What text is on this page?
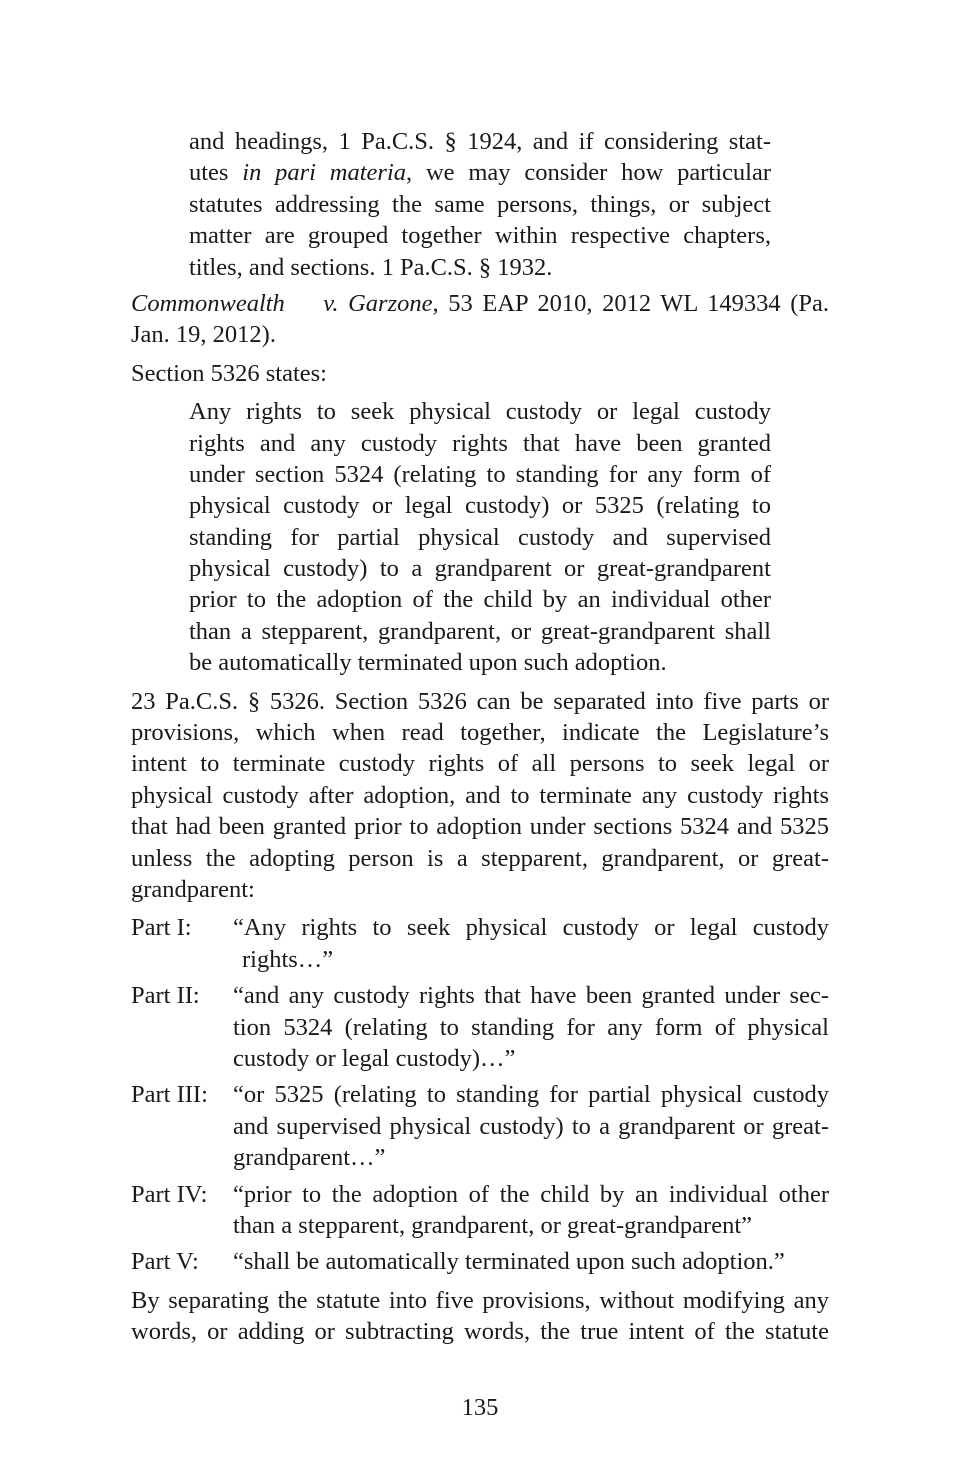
and headings, 1 Pa.C.S. § 1924, and if considering stat-
utes in pari materia, we may consider how particular
statutes addressing the same persons, things, or subject
matter are grouped together within respective chapters,
titles, and sections. 1 Pa.C.S. § 1932.
Commonwealth v. Garzone, 53 EAP 2010, 2012 WL 149334 (Pa.
Jan. 19, 2012).
Section 5326 states:
Any rights to seek physical custody or legal custody
rights and any custody rights that have been granted
under section 5324 (relating to standing for any form of
physical custody or legal custody) or 5325 (relating to
standing for partial physical custody and supervised
physical custody) to a grandparent or great-grandparent
prior to the adoption of the child by an individual other
than a stepparent, grandparent, or great-grandparent shall
be automatically terminated upon such adoption.
23 Pa.C.S. § 5326. Section 5326 can be separated into five parts or
provisions, which when read together, indicate the Legislature’s
intent to terminate custody rights of all persons to seek legal or
physical custody after adoption, and to terminate any custody rights
that had been granted prior to adoption under sections 5324 and 5325
unless the adopting person is a stepparent, grandparent, or great-
grandparent:
Part I:	“Any rights to seek physical custody or legal custody
rights…”
Part II:	“and any custody rights that have been granted under sec-
tion 5324 (relating to standing for any form of physical
custody or legal custody)…”
Part III:	“or 5325 (relating to standing for partial physical custody
and supervised physical custody) to a grandparent or great-
grandparent…”
Part IV:	“prior to the adoption of the child by an individual other
than a stepparent, grandparent, or great-grandparent”
Part V:	“shall be automatically terminated upon such adoption.”
By separating the statute into five provisions, without modifying any
words, or adding or subtracting words, the true intent of the statute
135
